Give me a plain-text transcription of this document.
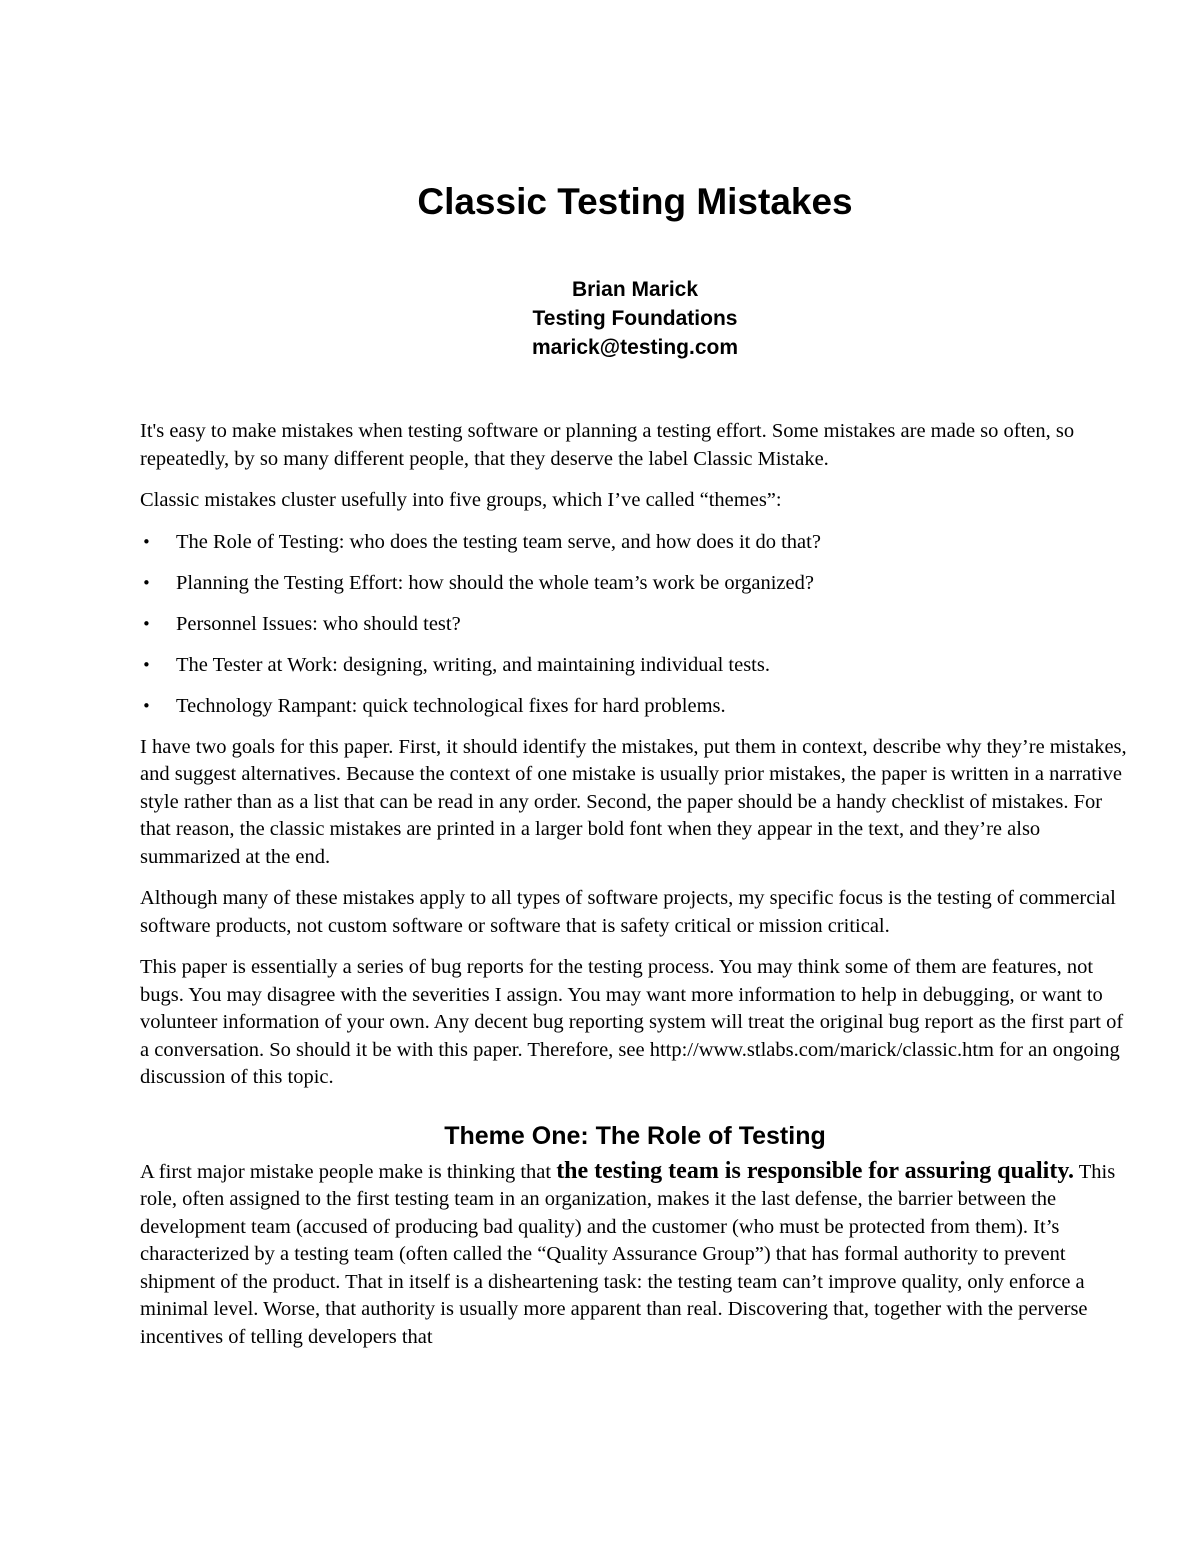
Classic Testing Mistakes
Brian Marick
Testing Foundations
marick@testing.com

It's easy to make mistakes when testing software or planning a testing effort. Some mistakes are made so often, so repeatedly, by so many different people, that they deserve the label Classic Mistake.

Classic mistakes cluster usefully into five groups, which I’ve called “themes”:

• The Role of Testing: who does the testing team serve, and how does it do that?
• Planning the Testing Effort: how should the whole team’s work be organized?
• Personnel Issues: who should test?
• The Tester at Work: designing, writing, and maintaining individual tests.
• Technology Rampant: quick technological fixes for hard problems.

I have two goals for this paper. First, it should identify the mistakes, put them in context, describe why they’re mistakes, and suggest alternatives. Because the context of one mistake is usually prior mistakes, the paper is written in a narrative style rather than as a list that can be read in any order. Second, the paper should be a handy checklist of mistakes. For that reason, the classic mistakes are printed in a larger bold font when they appear in the text, and they’re also summarized at the end.

Although many of these mistakes apply to all types of software projects, my specific focus is the testing of commercial software products, not custom software or software that is safety critical or mission critical.

This paper is essentially a series of bug reports for the testing process. You may think some of them are features, not bugs. You may disagree with the severities I assign. You may want more information to help in debugging, or want to volunteer information of your own. Any decent bug reporting system will treat the original bug report as the first part of a conversation. So should it be with this paper. Therefore, see http://www.stlabs.com/marick/classic.htm for an ongoing discussion of this topic.

Theme One: The Role of Testing

A first major mistake people make is thinking that the testing team is responsible for assuring quality. This role, often assigned to the first testing team in an organization, makes it the last defense, the barrier between the development team (accused of producing bad quality) and the customer (who must be protected from them). It’s characterized by a testing team (often called the “Quality Assurance Group”) that has formal authority to prevent shipment of the product. That in itself is a disheartening task: the testing team can’t improve quality, only enforce a minimal level. Worse, that authority is usually more apparent than real. Discovering that, together with the perverse incentives of telling developers that
